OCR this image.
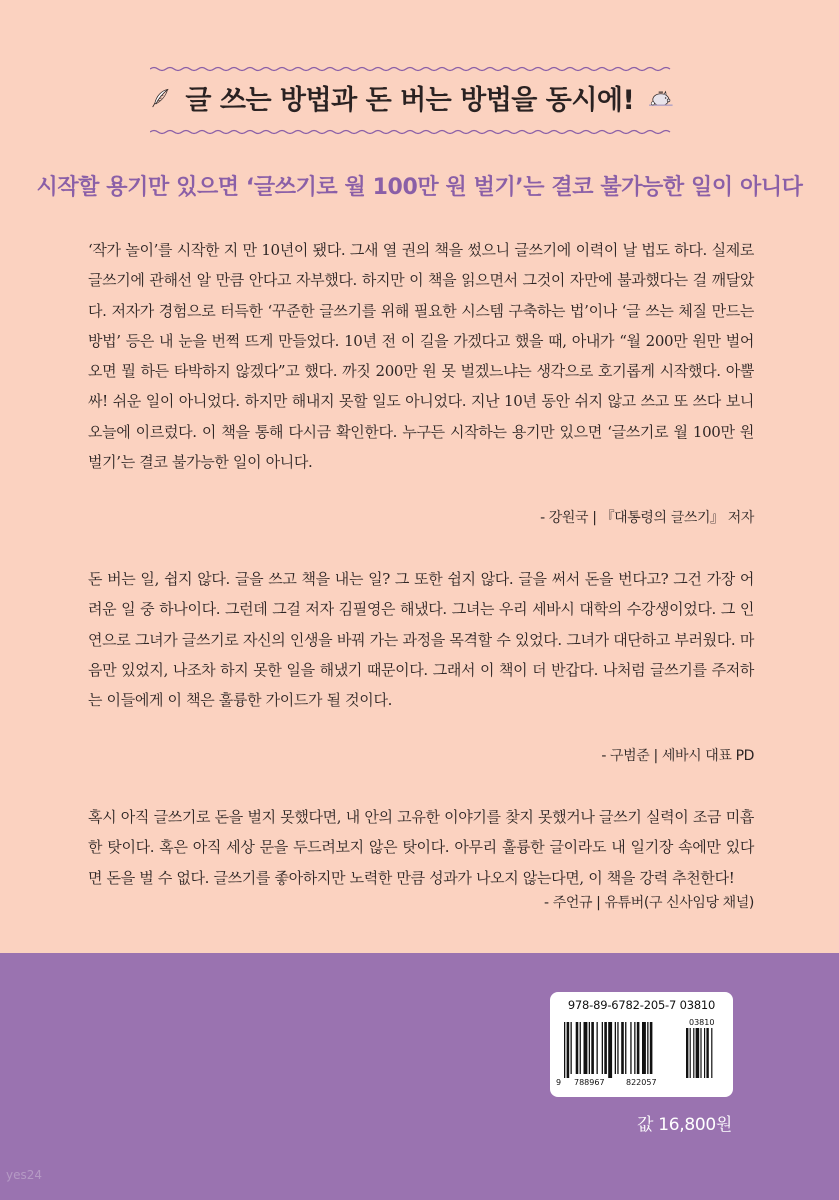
글 쓰는 방법과 돈 버는 방법을 동시에!
시작할 용기만 있으면 ‘글쓰기로 월 100만 원 벌기’는 결코 불가능한 일이 아니다

‘작가 놀이’를 시작한 지 만 10년이 됐다. 그새 열 권의 책을 썼으니 글쓰기에 이력이 날 법도 하다. 실제로 글쓰기에 관해선 알 만큼 안다고 자부했다. 하지만 이 책을 읽으면서 그것이 자만에 불과했다는 걸 깨달았다. 저자가 경험으로 터득한 ‘꾸준한 글쓰기를 위해 필요한 시스템 구축하는 법’이나 ‘글 쓰는 체질 만드는 방법’ 등은 내 눈을 번쩍 뜨게 만들었다. 10년 전 이 길을 가겠다고 했을 때, 아내가 “월 200만 원만 벌어오면 뭘 하든 타박하지 않겠다”고 했다. 까짓 200만 원 못 벌겠느냐는 생각으로 호기롭게 시작했다. 아뿔싸! 쉬운 일이 아니었다. 하지만 해내지 못할 일도 아니었다. 지난 10년 동안 쉬지 않고 쓰고 또 쓰다 보니 오늘에 이르렀다. 이 책을 통해 다시금 확인한다. 누구든 시작하는 용기만 있으면 ‘글쓰기로 월 100만 원 벌기’는 결코 불가능한 일이 아니다.

- 강원국 | 『대통령의 글쓰기』 저자

돈 버는 일, 쉽지 않다. 글을 쓰고 책을 내는 일? 그 또한 쉽지 않다. 글을 써서 돈을 번다고? 그건 가장 어려운 일 중 하나이다. 그런데 그걸 저자 김필영은 해냈다. 그녀는 우리 세바시 대학의 수강생이었다. 그 인연으로 그녀가 글쓰기로 자신의 인생을 바꿔 가는 과정을 목격할 수 있었다. 그녀가 대단하고 부러웠다. 마음만 있었지, 나조차 하지 못한 일을 해냈기 때문이다. 그래서 이 책이 더 반갑다. 나처럼 글쓰기를 주저하는 이들에게 이 책은 훌륭한 가이드가 될 것이다.

- 구범준 | 세바시 대표 PD

혹시 아직 글쓰기로 돈을 벌지 못했다면, 내 안의 고유한 이야기를 찾지 못했거나 글쓰기 실력이 조금 미흡한 탓이다. 혹은 아직 세상 문을 두드려보지 않은 탓이다. 아무리 훌륭한 글이라도 내 일기장 속에만 있다면 돈을 벌 수 없다. 글쓰기를 좋아하지만 노력한 만큼 성과가 나오지 않는다면, 이 책을 강력 추천한다!

- 주언규 | 유튜버(구 신사임당 채널)
978-89-6782-205-7 03810
03810
9 788967	822057
값 16,800원
yes24
